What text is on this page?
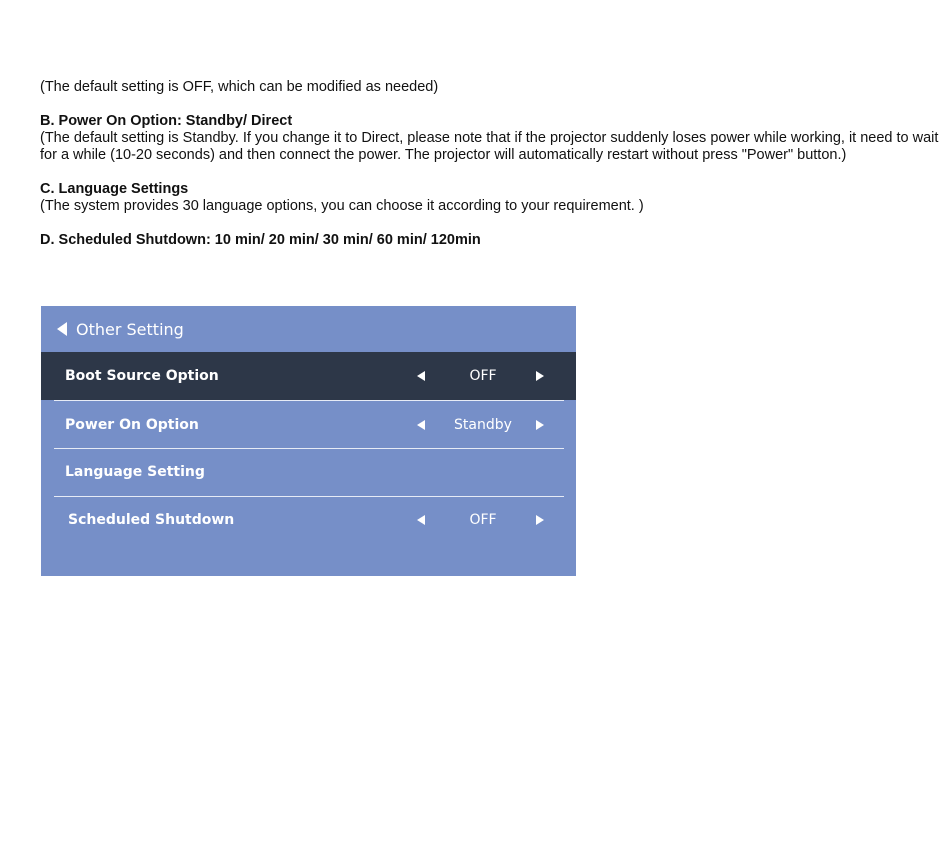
(The default setting is OFF, which can be modified as needed)

B. Power On Option: Standby/ Direct

(The default setting is Standby. If you change it to Direct, please note that if the projector suddenly loses power while working, it need to wait for a while (10-20 seconds) and then connect the power. The projector will automatically restart without press "Power" button.)

C. Language Settings

(The system provides 30 language options, you can choose it according to your requirement. )

D. Scheduled Shutdown: 10 min/ 20 min/ 30 min/ 60 min/ 120min

Other Setting
Boot Source Option	OFF
Power On Option	Standby
Language Setting
Scheduled Shutdown	OFF
